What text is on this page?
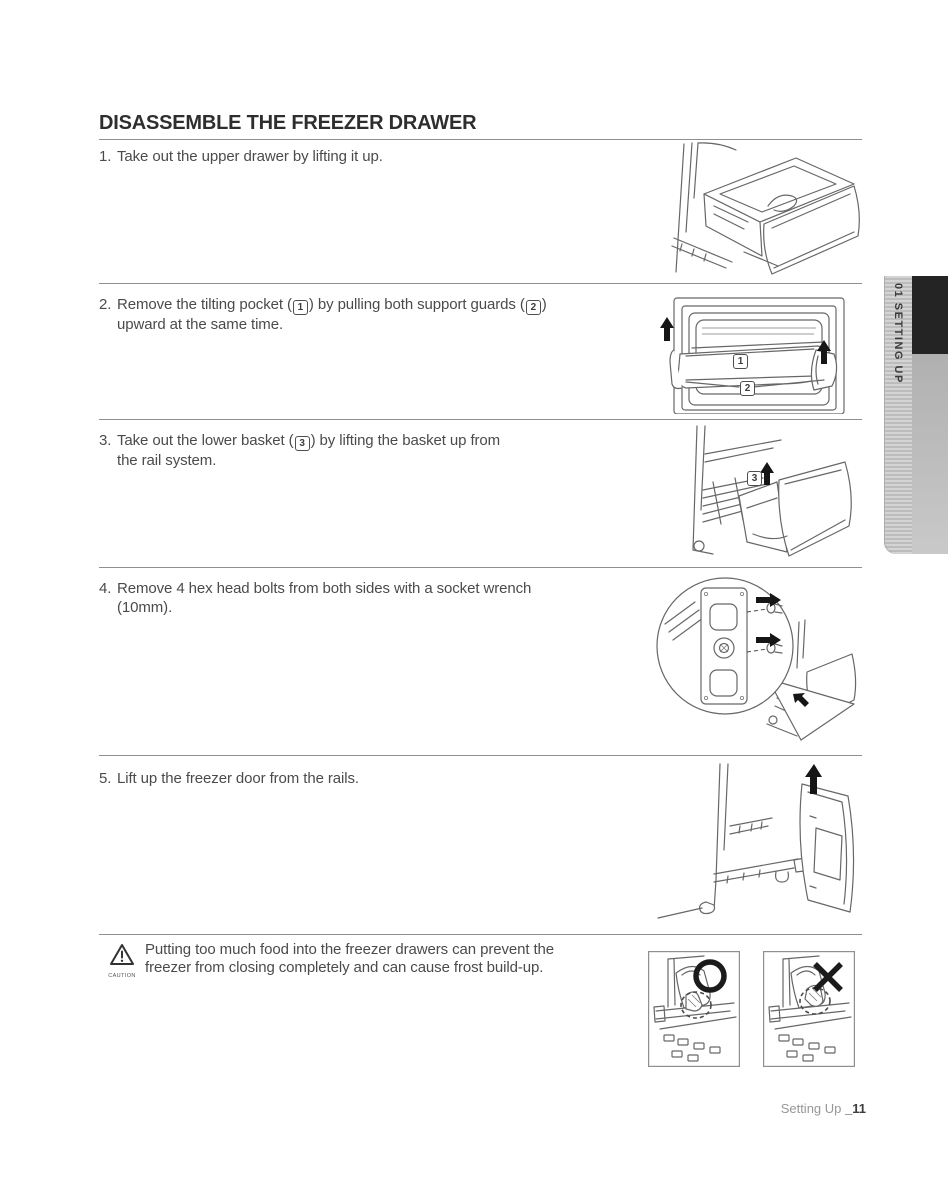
DISASSEMBLE THE FREEZER DRAWER
1. Take out the upper drawer by lifting it up.
2. Remove the tilting pocket ( 1 ) by pulling both support guards ( 2 )
upward at the same time.
1
2
3. Take out the lower basket ( 3 ) by lifting the basket up from
the rail system.
3
4. Remove 4 hex head bolts from both sides with a socket wrench
(10mm).
5. Lift up the freezer door from the rails.
CAUTION
Putting too much food into the freezer drawers can prevent the
freezer from closing completely and can cause frost build-up.
01 SETTING UP
Setting Up _11
